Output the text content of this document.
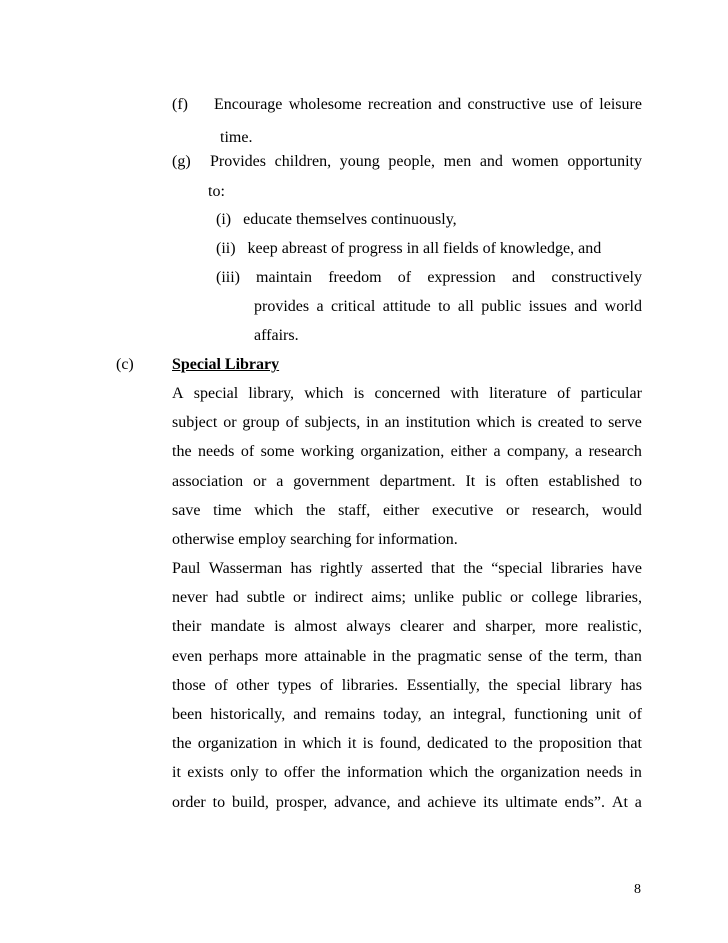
(f) Encourage wholesome recreation and constructive use of leisure
time.
(g) Provides children, young people, men and women opportunity
to:
(i)   educate themselves continuously,
(ii)   keep abreast of progress in all fields of knowledge, and
(iii) maintain freedom of expression and constructively
provides a critical attitude to all public issues and world
affairs.
(c) Special Library
A special library, which is concerned with literature of particular
subject or group of subjects, in an institution which is created to serve
the needs of some working organization, either a company, a research
association or a government department. It is often established to
save time which the staff, either executive or research, would
otherwise employ searching for information.
Paul Wasserman has rightly asserted that the “special libraries have
never had subtle or indirect aims; unlike public or college libraries,
their mandate is almost always clearer and sharper, more realistic,
even perhaps more attainable in the pragmatic sense of the term, than
those of other types of libraries. Essentially, the special library has
been historically, and remains today, an integral, functioning unit of
the organization in which it is found, dedicated to the proposition that
it exists only to offer the information which the organization needs in
order to build, prosper, advance, and achieve its ultimate ends”. At a
8
